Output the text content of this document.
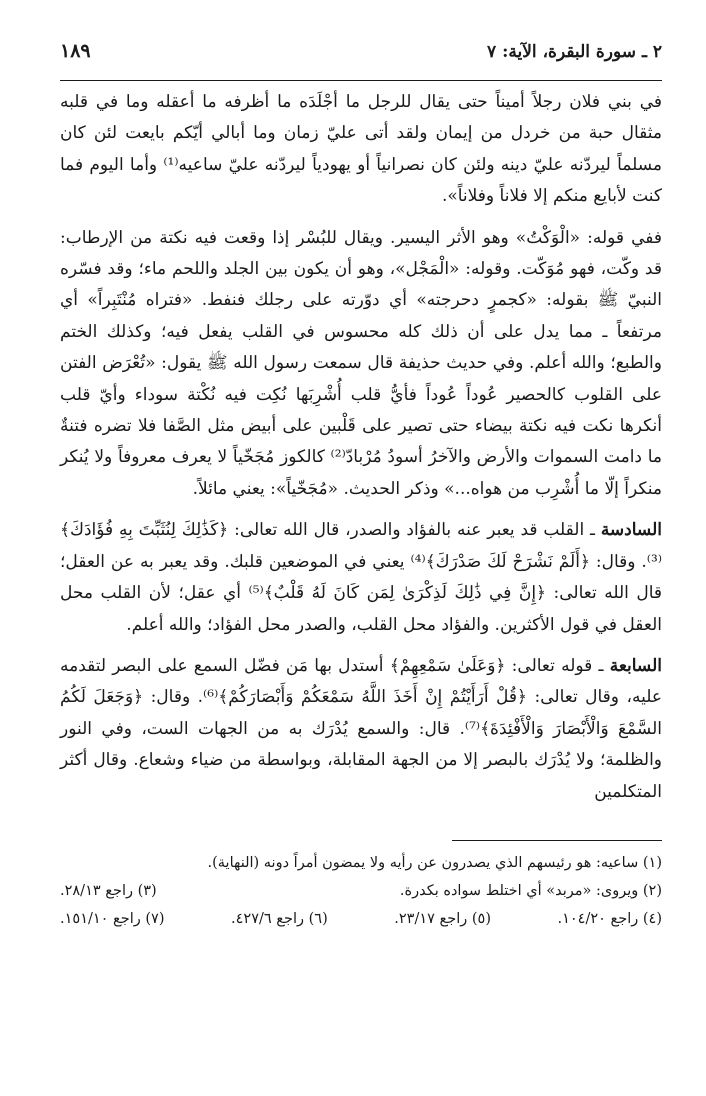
٢ ـ سورة البقرة، الآية: ٧
١٨٩

في بني فلان رجلاً أميناً حتى يقال للرجل ما أجْلَدَه ما أظرفه ما أعقله وما في قلبه مثقال حبة من خردل من إيمان ولقد أتى عليّ زمان وما أبالي أيّكم بايعت لئن كان مسلماً ليردّنه عليّ دينه ولئن كان نصرانياً أو يهودياً ليردّنه عليّ ساعيه⁽¹⁾ وأما اليوم فما كنت لأبايع منكم إلا فلاناً وفلاناً».

ففي قوله: «الْوَكْتُ» وهو الأثر اليسير. ويقال للبُسْر إذا وقعت فيه نكتة من الإرطاب: قد وكّت، فهو مُوَكّت. وقوله: «الْمَجْل»، وهو أن يكون بين الجلد واللحم ماء؛ وقد فسّره النبيّ ﷺ بقوله: «كجمرٍ دحرجته» أي دوّرته على رجلك فنفط. «فتراه مُنْتَبِراً» أي مرتفعاً ـ مما يدل على أن ذلك كله محسوس في القلب يفعل فيه؛ وكذلك الختم والطبع؛ والله أعلم. وفي حديث حذيفة قال سمعت رسول الله ﷺ يقول: «تُعْرَض الفتن على القلوب كالحصير عُوداً عُوداً فأيُّ قلب أُشْرِبَها نُكِت فيه نُكْتة سوداء وأيّ قلب أنكرها نكت فيه نكتة بيضاء حتى تصير على قَلْبين على أبيض مثل الصَّفا فلا تضره فتنةٌ ما دامت السموات والأرض والآخرُ أسودُ مُرْبادّ⁽²⁾ كالكوز مُجَخّياً لا يعرف معروفاً ولا يُنكر منكراً إلّا ما أُشْرِب من هواه...» وذكر الحديث. «مُجَخّياً»: يعني مائلاً.

السادسة ـ القلب قد يعبر عنه بالفؤاد والصدر، قال الله تعالى: ﴿كَذَٰلِكَ لِنُثَبِّتَ بِهِ فُؤَادَكَ﴾⁽³⁾. وقال: ﴿أَلَمْ نَشْرَحْ لَكَ صَدْرَكَ﴾⁽⁴⁾ يعني في الموضعين قلبك. وقد يعبر به عن العقل؛ قال الله تعالى: ﴿إِنَّ فِي ذَٰلِكَ لَذِكْرَىٰ لِمَن كَانَ لَهُ قَلْبٌ﴾⁽⁵⁾ أي عقل؛ لأن القلب محل العقل في قول الأكثرين. والفؤاد محل القلب، والصدر محل الفؤاد؛ والله أعلم.

السابعة ـ قوله تعالى: ﴿وَعَلَىٰ سَمْعِهِمْ﴾ أستدل بها مَن فضّل السمع على البصر لتقدمه عليه، وقال تعالى: ﴿قُلْ أَرَأَيْتُمْ إِنْ أَخَذَ اللَّهُ سَمْعَكُمْ وَأَبْصَارَكُمْ﴾⁽⁶⁾. وقال: ﴿وَجَعَلَ لَكُمُ السَّمْعَ وَالْأَبْصَارَ وَالْأَفْئِدَةَ﴾⁽⁷⁾. قال: والسمع يُدْرَك به من الجهات الست، وفي النور والظلمة؛ ولا يُدْرَك بالبصر إلا من الجهة المقابلة، وبواسطة من ضياء وشعاع. وقال أكثر المتكلمين

(١) ساعيه: هو رئيسهم الذي يصدرون عن رأيه ولا يمضون أمراً دونه (النهاية).

(٢) ويروى: «مربد» أي اختلط سواده بكدرة.
(٣) راجع ٢٨/١٣.
(٤) راجع ١٠٤/٢٠.
(٥) راجع ٢٣/١٧.
(٦) راجع ٤٢٧/٦.
(٧) راجع ١٥١/١٠.
